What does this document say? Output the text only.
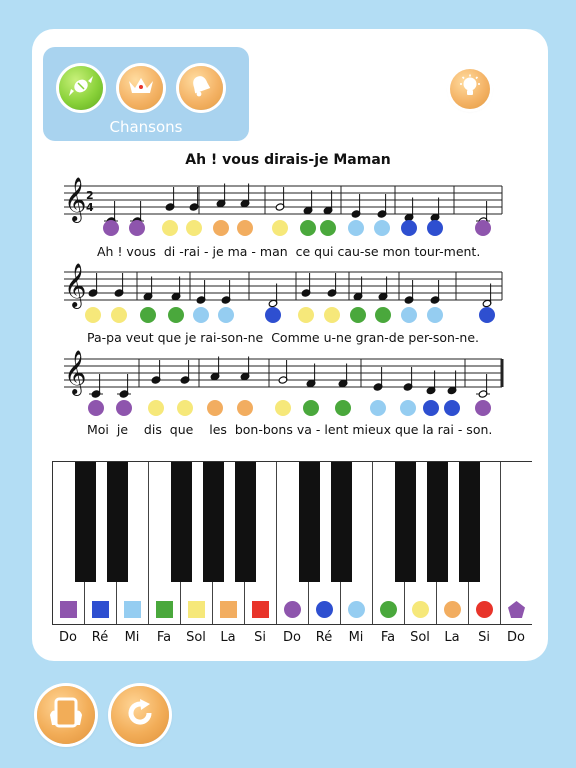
Chansons
Ah ! vous dirais-je Maman
𝄞 2
4
𝄞
𝄞
Ah ! vous  di -rai - je ma - man  ce qui cau-se mon tour-ment.
Pa-pa veut que je rai-son-ne  Comme u-ne gran-de per-son-ne.
Moi  je    dis  que    les  bon-bons va - lent mieux que la rai - son.
Do	Ré	Mi	Fa	Sol	La	Si	Do	Ré	Mi	Fa	Sol	La	Si	Do
